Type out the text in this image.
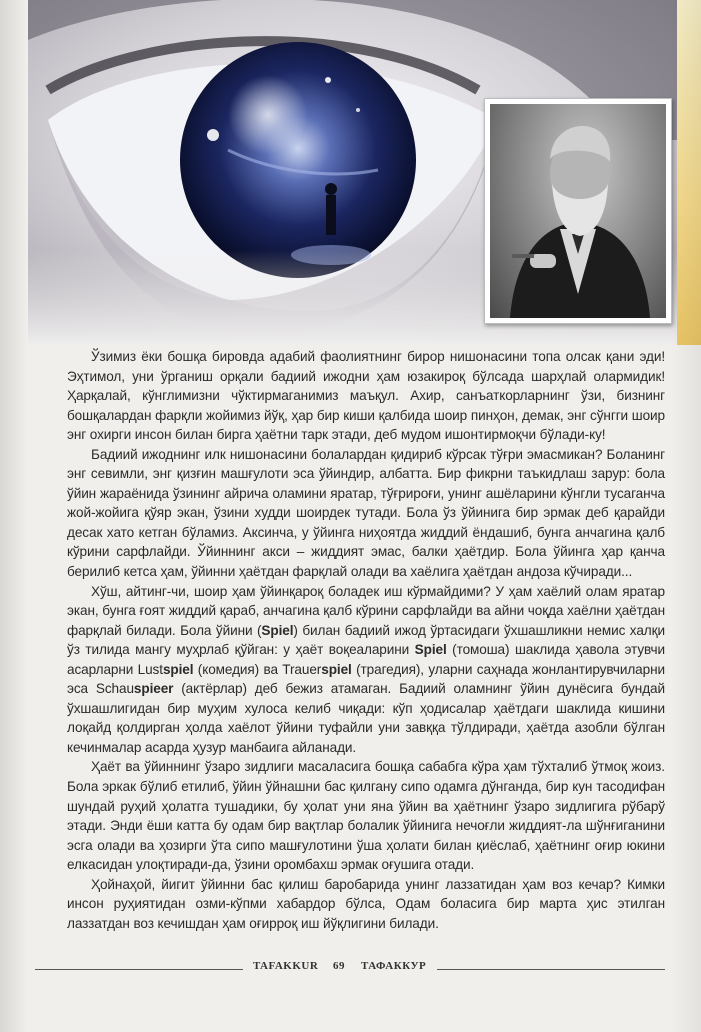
Ўзимиз ёки бошқа бировда адабий фаолиятнинг бирор нишонасини топа олсак қани эди! Эҳтимол, уни ўрганиш орқали бадиий ижодни ҳам юзакироқ бўлсада шарҳлай олармидик! Ҳарқалай, кўнглимизни чўктирмаганимиз маъқул. Ахир, санъаткорларнинг ўзи, бизнинг бошқалардан фарқли жойимиз йўқ, ҳар бир киши қалбида шоир пинҳон, демак, энг сўнгги шоир энг охирги инсон билан бирга ҳаётни тарк этади, деб мудом ишонтирмоқчи бўлади-ку!

Бадиий ижоднинг илк нишонасини болалардан қидириб кўрсак тўғри эмасмикан? Боланинг энг севимли, энг қизғин машғулоти эса ўйиндир, албатта. Бир фикрни таъкидлаш зарур: бола ўйин жараёнида ўзининг айрича оламини яратар, тўғрироғи, унинг ашёларини кўнгли тусаганча жой-жойига қўяр экан, ўзини худди шоирдек тутади. Бола ўз ўйинига бир эрмак деб қарайди десак хато кетган бўламиз. Аксинча, у ўйинга ниҳоятда жиддий ёндашиб, бунга анчагина қалб кўрини сарфлайди. Ўйиннинг акси – жиддият эмас, балки ҳаётдир. Бола ўйинга ҳар қанча берилиб кетса ҳам, ўйинни ҳаётдан фарқлай олади ва хаёлига ҳаётдан андоза кўчиради...

Хўш, айтинг-чи, шоир ҳам ўйинқароқ боладек иш кўрмайдими? У ҳам хаёлий олам яратар экан, бунга ғоят жиддий қараб, анчагина қалб кўрини сарфлайди ва айни чоқда хаёлни ҳаётдан фарқлай билади. Бола ўйини (Spiel) билан бадиий ижод ўртасидаги ўхшашликни немис халқи ўз тилида мангу муҳрлаб қўйган: у ҳаёт воқеаларини Spiel (томоша) шаклида ҳавола этувчи асарларни Lustspiel (комедия) ва Trauerspiel (трагедия), уларни саҳнада жонлантирувчиларни эса Schauspieer (актёрлар) деб бежиз атамаган. Бадиий оламнинг ўйин дунёсига бундай ўхшашлигидан бир муҳим хулоса келиб чиқади: кўп ҳодисалар ҳаётдаги шаклида кишини лоқайд қолдирган ҳолда хаёлот ўйини туфайли уни завққа тўлдиради, ҳаётда азобли бўлган кечинмалар асарда ҳузур манбаига айланади.

Ҳаёт ва ўйиннинг ўзаро зидлиги масаласига бошқа сабабга кўра ҳам тўхталиб ўтмоқ жоиз. Бола эркак бўлиб етилиб, ўйин ўйнашни бас қилгану сипо одамга дўнганда, бир кун тасодифан шундай руҳий ҳолатга тушадики, бу ҳолат уни яна ўйин ва ҳаётнинг ўзаро зидлигига рўбарў этади. Энди ёши катта бу одам бир вақтлар болалик ўйинига нечоғли жиддият-ла шўнғиганини эсга олади ва ҳозирги ўта сипо машғулотини ўша ҳолати билан қиёслаб, ҳаётнинг оғир юкини елкасидан улоқтиради-да, ўзини оромбахш эрмак оғушига отади.

Ҳойнаҳой, йигит ўйинни бас қилиш баробарида унинг лаззатидан ҳам воз кечар? Кимки инсон руҳиятидан озми-кўпми хабардор бўлса, Одам боласига бир марта ҳис этилган лаззатдан воз кечишдан ҳам оғирроқ иш йўқлигини билади.

TAFAKKUR 69 ТАФАККУР
